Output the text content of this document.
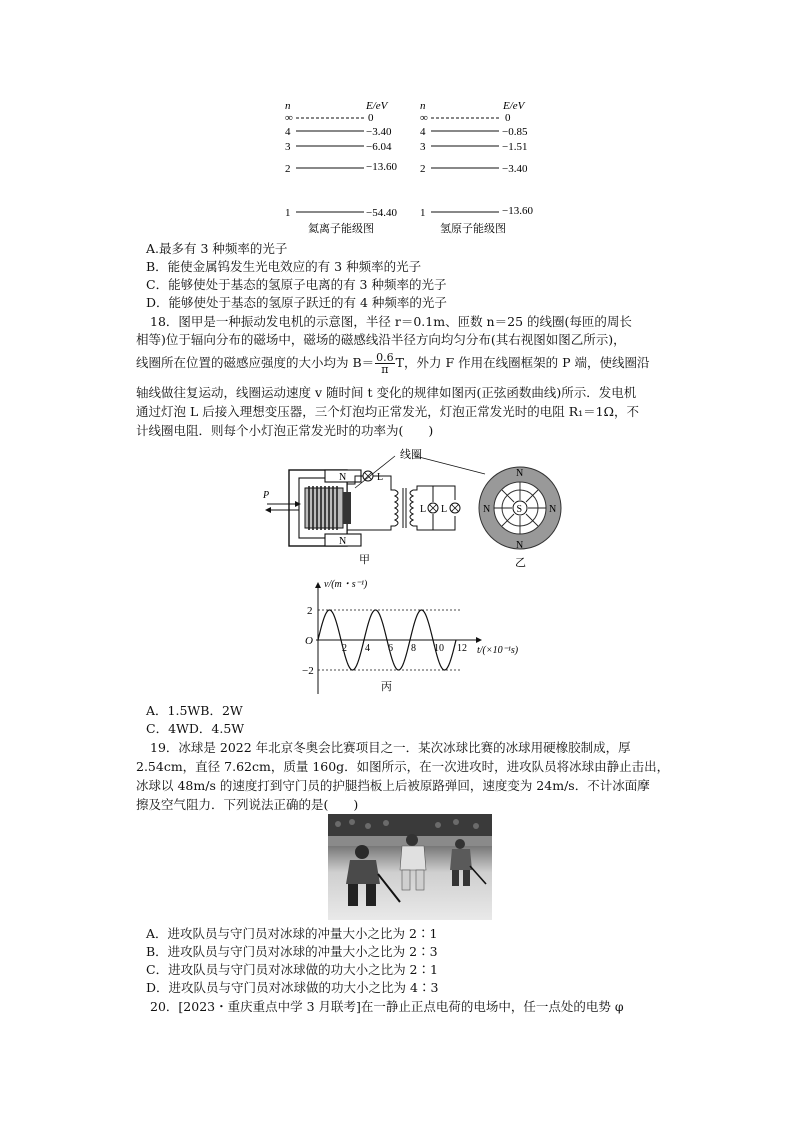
n	E/eV	n	E/eV
∞	0
4	−3.40
3	−6.04
2	−13.60
1	−54.40
∞	0
4	−0.85
3	−1.51
2	−3.40
1	−13.60
氦离子能级图	氢原子能级图
A.最多有 3 种频率的光子
B．能使金属钨发生光电效应的有 3 种频率的光子
C．能够使处于基态的氢原子电离的有 3 种频率的光子
D．能够使处于基态的氢原子跃迁的有 4 种频率的光子
18．图甲是一种振动发电机的示意图，半径 r＝0.1m、匝数 n＝25 的线圈(每匝的周长
相等)位于辐向分布的磁场中，磁场的磁感线沿半径方向均匀分布(其右视图如图乙所示)，
线圈所在位置的磁感应强度的大小均为 $B= \frac{0.6}{\pi}$ T，外力 F 作用在线圈框架的 P 端，使线圈沿
轴线做往复运动，线圈运动速度 v 随时间 t 变化的规律如图丙(正弦函数曲线)所示．发电机
通过灯泡 L 后接入理想变压器，三个灯泡均正常发光，灯泡正常发光时的电阻 R₁＝1Ω，不
计线圈电阻．则每个小灯泡正常发光时的功率为(　　)
N
N
P
L
L L
线圈
甲
S
N
N
N	N
乙
v/(m・s⁻¹)
t/(×10⁻¹s)
O
2
−2
2 4 6 8 10 12
丙
A．1.5WB．2W
C．4WD．4.5W
19．冰球是 2022 年北京冬奥会比赛项目之一．某次冰球比赛的冰球用硬橡胶制成，厚
2.54cm，直径 7.62cm，质量 160g．如图所示，在一次进攻时，进攻队员将冰球由静止击出，
冰球以 48m/s 的速度打到守门员的护腿挡板上后被原路弹回，速度变为 24m/s．不计冰面摩
擦及空气阻力．下列说法正确的是(　　)
A．进攻队员与守门员对冰球的冲量大小之比为 2∶1
B．进攻队员与守门员对冰球的冲量大小之比为 2∶3
C．进攻队员与守门员对冰球做的功大小之比为 2∶1
D．进攻队员与守门员对冰球做的功大小之比为 4∶3
20．[2023・重庆重点中学 3 月联考]在一静止正点电荷的电场中，任一点处的电势 φ
